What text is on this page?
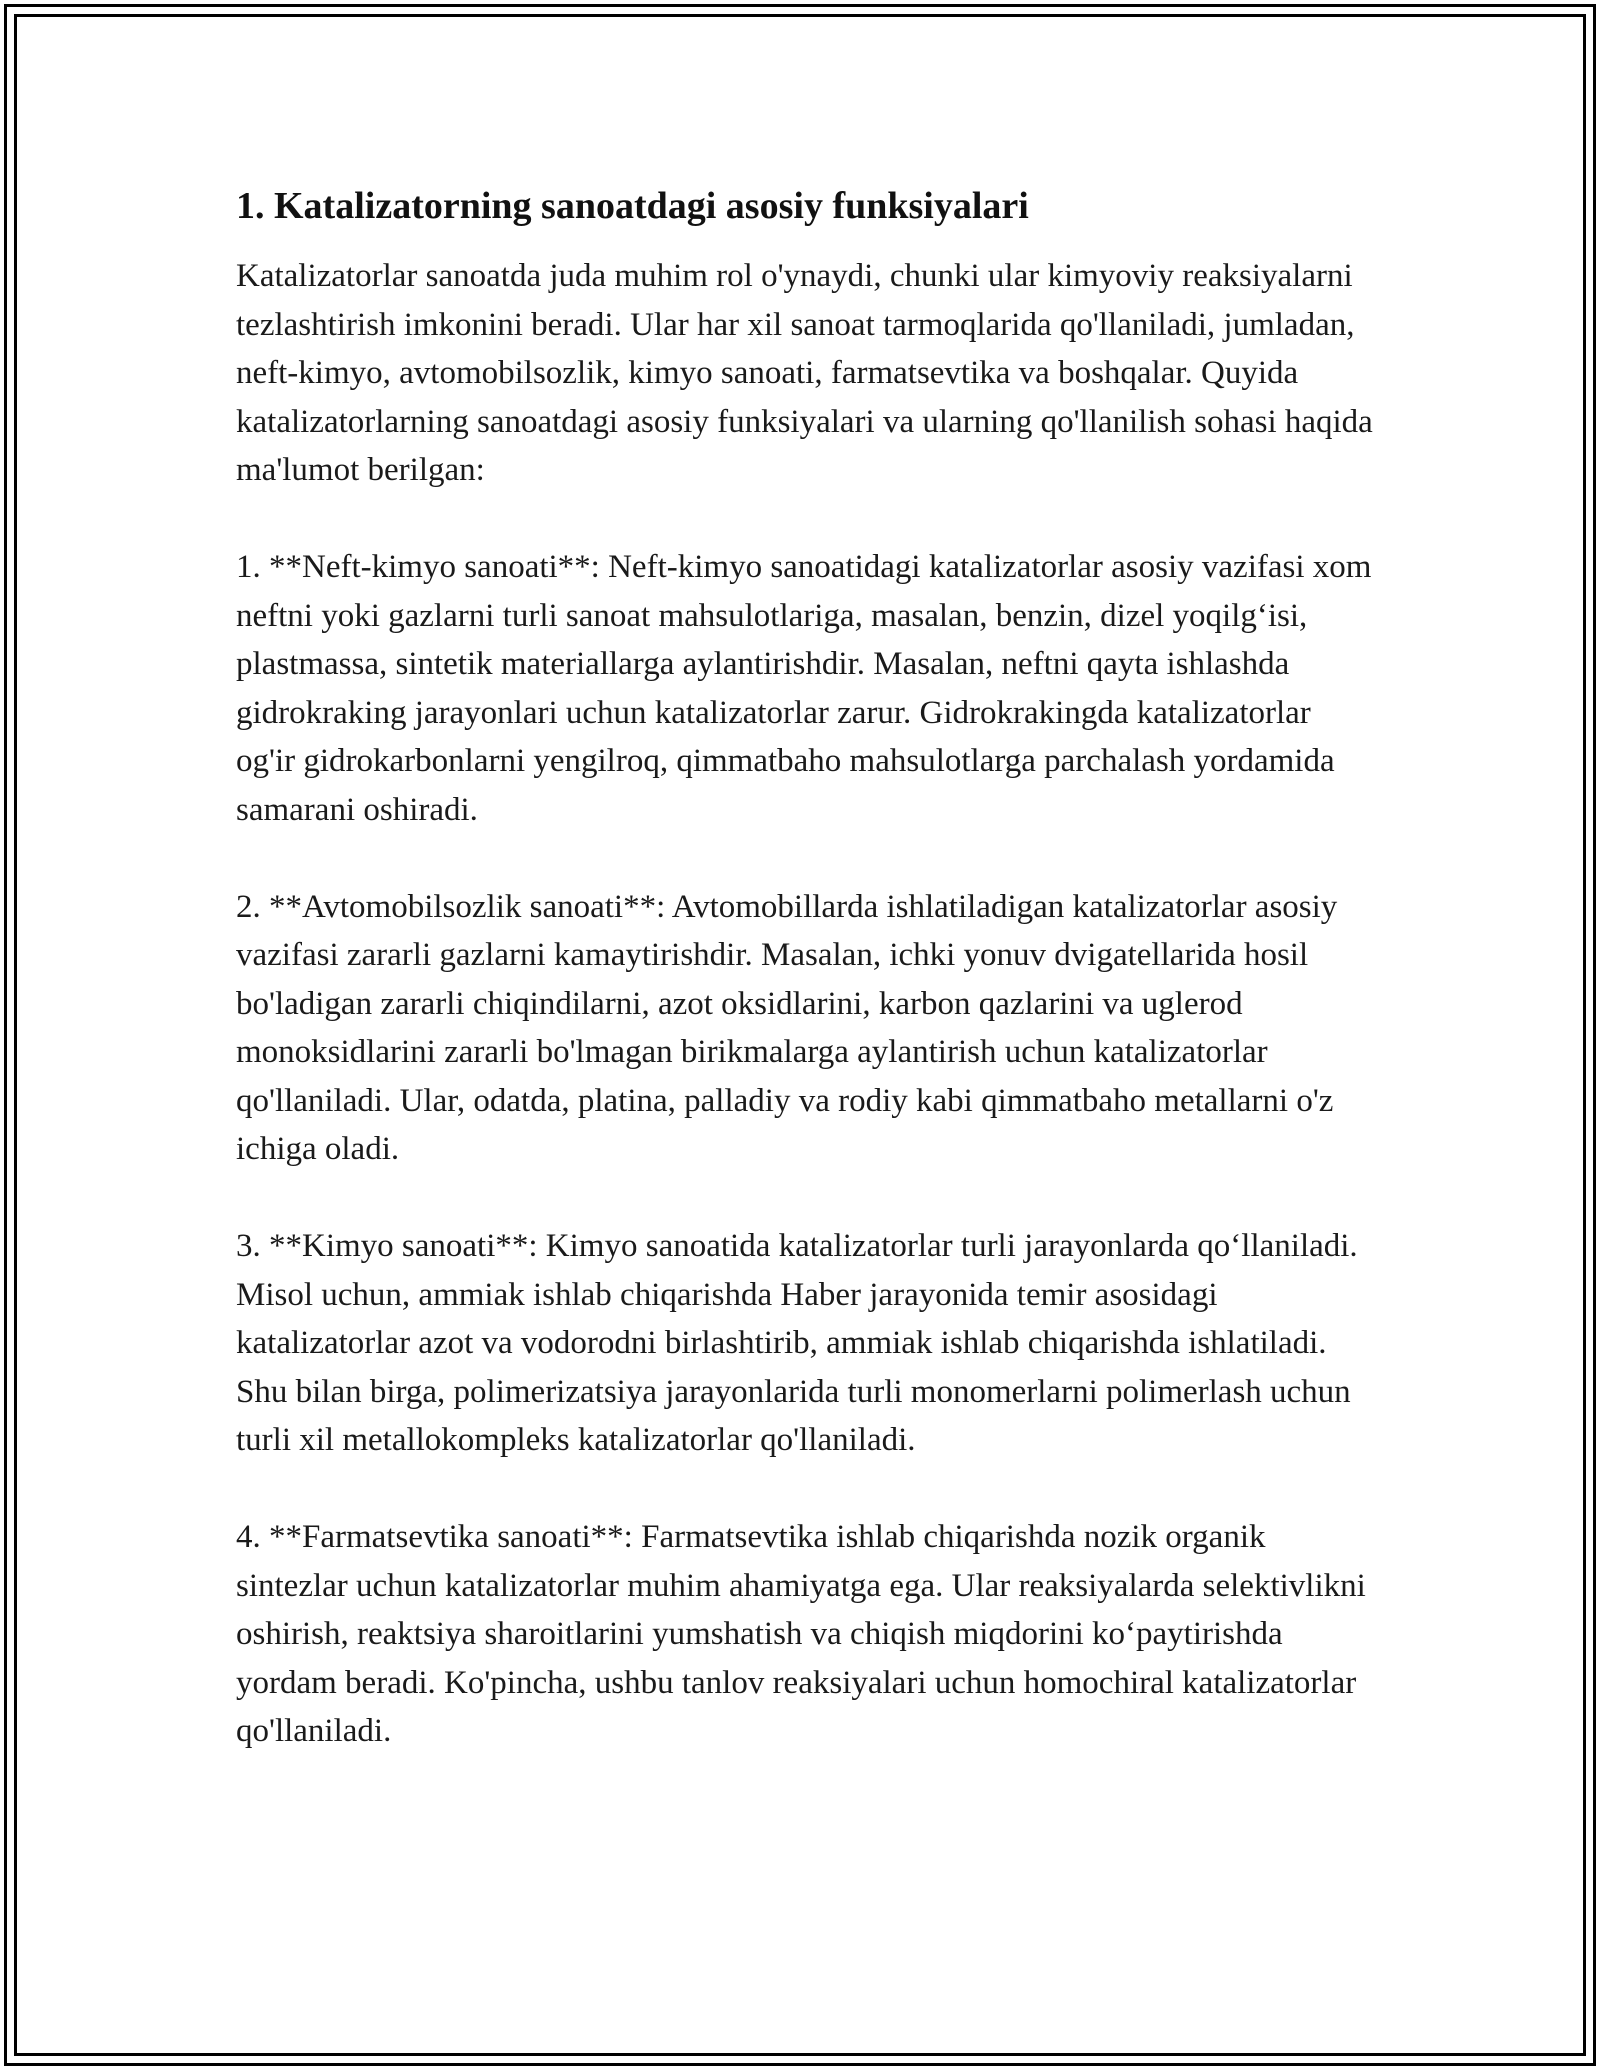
1. Katalizatorning sanoatdagi asosiy funksiyalari

Katalizatorlar sanoatda juda muhim rol o'ynaydi, chunki ular kimyoviy reaksiyalarni tezlashtirish imkonini beradi. Ular har xil sanoat tarmoqlarida qo'llaniladi, jumladan, neft-kimyo, avtomobilsozlik, kimyo sanoati, farmatsevtika va boshqalar. Quyida katalizatorlarning sanoatdagi asosiy funksiyalari va ularning qo'llanilish sohasi haqida ma'lumot berilgan:

1. **Neft-kimyo sanoati**: Neft-kimyo sanoatidagi katalizatorlar asosiy vazifasi xom neftni yoki gazlarni turli sanoat mahsulotlariga, masalan, benzin, dizel yoqilg‘isi, plastmassa, sintetik materiallarga aylantirishdir. Masalan, neftni qayta ishlashda gidrokraking jarayonlari uchun katalizatorlar zarur. Gidrokrakingda katalizatorlar og'ir gidrokarbonlarni yengilroq, qimmatbaho mahsulotlarga parchalash yordamida samarani oshiradi.

2. **Avtomobilsozlik sanoati**: Avtomobillarda ishlatiladigan katalizatorlar asosiy vazifasi zararli gazlarni kamaytirishdir. Masalan, ichki yonuv dvigatellarida hosil bo'ladigan zararli chiqindilarni, azot oksidlarini, karbon qazlarini va uglerod monoksidlarini zararli bo'lmagan birikmalarga aylantirish uchun katalizatorlar qo'llaniladi. Ular, odatda, platina, palladiy va rodiy kabi qimmatbaho metallarni o'z ichiga oladi.

3. **Kimyo sanoati**: Kimyo sanoatida katalizatorlar turli jarayonlarda qo‘llaniladi. Misol uchun, ammiak ishlab chiqarishda Haber jarayonida temir asosidagi katalizatorlar azot va vodorodni birlashtirib, ammiak ishlab chiqarishda ishlatiladi. Shu bilan birga, polimerizatsiya jarayonlarida turli monomerlarni polimerlash uchun turli xil metallokompleks katalizatorlar qo'llaniladi.

4. **Farmatsevtika sanoati**: Farmatsevtika ishlab chiqarishda nozik organik sintezlar uchun katalizatorlar muhim ahamiyatga ega. Ular reaksiyalarda selektivlikni oshirish, reaktsiya sharoitlarini yumshatish va chiqish miqdorini ko‘paytirishda yordam beradi. Ko'pincha, ushbu tanlov reaksiyalari uchun homochiral katalizatorlar qo'llaniladi.
